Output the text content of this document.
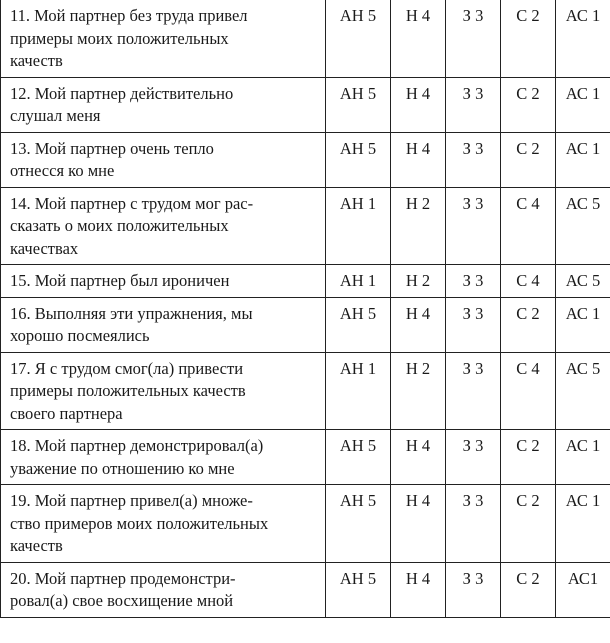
11. Мой партнер без труда привел
примеры моих положительных
качеств	АН 5	Н 4	З 3	С 2	АС 1
12. Мой партнер действительно
слушал меня	АН 5	Н 4	З 3	С 2	АС 1
13. Мой партнер очень тепло
отнесся ко мне	АН 5	Н 4	З 3	С 2	АС 1
14. Мой партнер с трудом мог рас-
сказать о моих положительных
качествах	АН 1	Н 2	З 3	С 4	АС 5
15. Мой партнер был ироничен	АН 1	Н 2	З 3	С 4	АС 5
16. Выполняя эти упражнения, мы
хорошо посмеялись	АН 5	Н 4	З 3	С 2	АС 1
17. Я с трудом смог(ла) привести
примеры положительных качеств
своего партнера	АН 1	Н 2	З 3	С 4	АС 5
18. Мой партнер демонстрировал(а)
уважение по отношению ко мне	АН 5	Н 4	З 3	С 2	АС 1
19. Мой партнер привел(а) множе-
ство примеров моих положительных
качеств	АН 5	Н 4	З 3	С 2	АС 1
20. Мой партнер продемонстри-
ровал(а) свое восхищение мной	АН 5	Н 4	З 3	С 2	АС1
